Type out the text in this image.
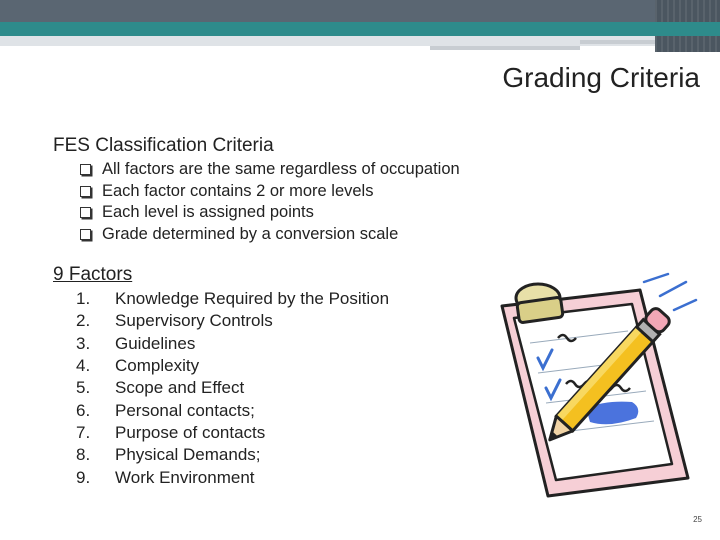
Grading Criteria
FES Classification Criteria
All factors are the same regardless of occupation
Each factor contains 2 or more levels
Each level is assigned points
Grade determined by a conversion scale
9 Factors
1.	Knowledge Required by the Position
2.	Supervisory Controls
3.	Guidelines
4.	Complexity
5.	Scope and Effect
6.	Personal contacts;
7.	Purpose of contacts
8.	Physical Demands;
9.	Work Environment
25
